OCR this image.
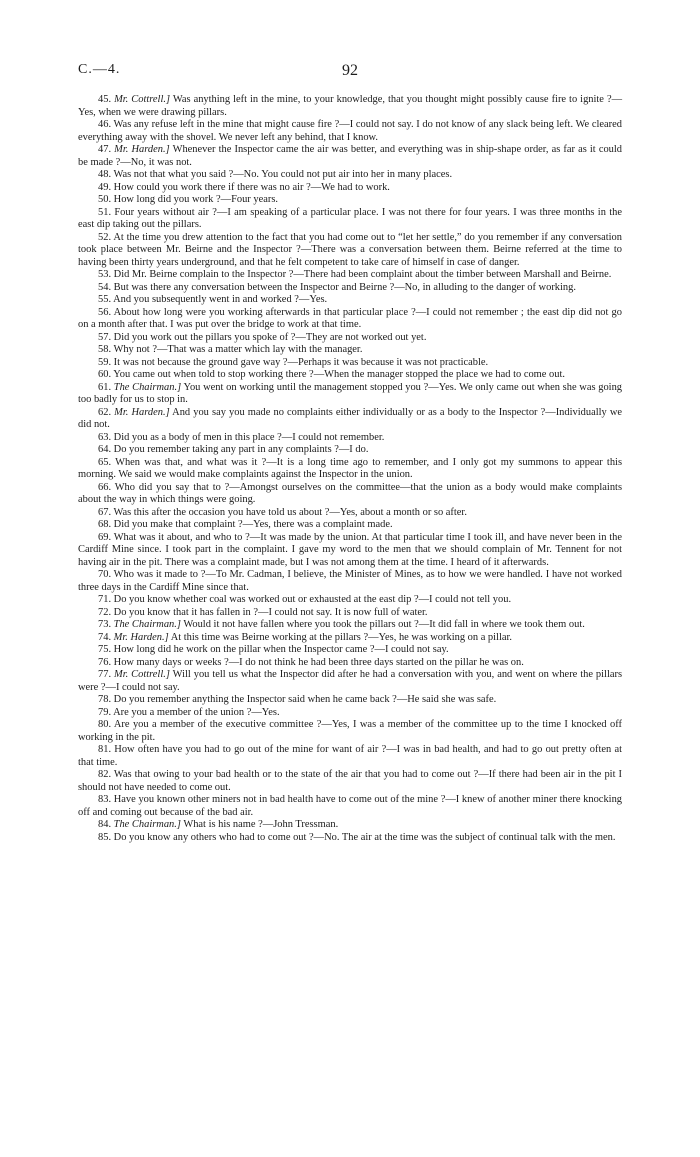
C.—4.	92

45. Mr. Cottrell.] Was anything left in the mine, to your knowledge, that you thought might possibly cause fire to ignite ?—Yes, when we were drawing pillars.

46. Was any refuse left in the mine that might cause fire ?—I could not say. I do not know of any slack being left. We cleared everything away with the shovel. We never left any behind, that I know.

47. Mr. Harden.] Whenever the Inspector came the air was better, and everything was in ship-shape order, as far as it could be made ?—No, it was not.

48. Was not that what you said ?—No. You could not put air into her in many places.

49. How could you work there if there was no air ?—We had to work.

50. How long did you work ?—Four years.

51. Four years without air ?—I am speaking of a particular place. I was not there for four years. I was three months in the east dip taking out the pillars.

52. At the time you drew attention to the fact that you had come out to “let her settle,” do you remember if any conversation took place between Mr. Beirne and the Inspector ?—There was a conversation between them. Beirne referred at the time to having been thirty years underground, and that he felt competent to take care of himself in case of danger.

53. Did Mr. Beirne complain to the Inspector ?—There had been complaint about the timber between Marshall and Beirne.

54. But was there any conversation between the Inspector and Beirne ?—No, in alluding to the danger of working.

55. And you subsequently went in and worked ?—Yes.

56. About how long were you working afterwards in that particular place ?—I could not remember ; the east dip did not go on a month after that. I was put over the bridge to work at that time.

57. Did you work out the pillars you spoke of ?—They are not worked out yet.

58. Why not ?—That was a matter which lay with the manager.

59. It was not because the ground gave way ?—Perhaps it was because it was not practicable.

60. You came out when told to stop working there ?—When the manager stopped the place we had to come out.

61. The Chairman.] You went on working until the management stopped you ?—Yes. We only came out when she was going too badly for us to stop in.

62. Mr. Harden.] And you say you made no complaints either individually or as a body to the Inspector ?—Individually we did not.

63. Did you as a body of men in this place ?—I could not remember.

64. Do you remember taking any part in any complaints ?—I do.

65. When was that, and what was it ?—It is a long time ago to remember, and I only got my summons to appear this morning. We said we would make complaints against the Inspector in the union.

66. Who did you say that to ?—Amongst ourselves on the committee—that the union as a body would make complaints about the way in which things were going.

67. Was this after the occasion you have told us about ?—Yes, about a month or so after.

68. Did you make that complaint ?—Yes, there was a complaint made.

69. What was it about, and who to ?—It was made by the union. At that particular time I took ill, and have never been in the Cardiff Mine since. I took part in the complaint. I gave my word to the men that we should complain of Mr. Tennent for not having air in the pit. There was a complaint made, but I was not among them at the time. I heard of it afterwards.

70. Who was it made to ?—To Mr. Cadman, I believe, the Minister of Mines, as to how we were handled. I have not worked three days in the Cardiff Mine since that.

71. Do you know whether coal was worked out or exhausted at the east dip ?—I could not tell you.

72. Do you know that it has fallen in ?—I could not say. It is now full of water.

73. The Chairman.] Would it not have fallen where you took the pillars out ?—It did fall in where we took them out.

74. Mr. Harden.] At this time was Beirne working at the pillars ?—Yes, he was working on a pillar.

75. How long did he work on the pillar when the Inspector came ?—I could not say.

76. How many days or weeks ?—I do not think he had been three days started on the pillar he was on.

77. Mr. Cottrell.] Will you tell us what the Inspector did after he had a conversation with you, and went on where the pillars were ?—I could not say.

78. Do you remember anything the Inspector said when he came back ?—He said she was safe.

79. Are you a member of the union ?—Yes.

80. Are you a member of the executive committee ?—Yes, I was a member of the committee up to the time I knocked off working in the pit.

81. How often have you had to go out of the mine for want of air ?—I was in bad health, and had to go out pretty often at that time.

82. Was that owing to your bad health or to the state of the air that you had to come out ?—If there had been air in the pit I should not have needed to come out.

83. Have you known other miners not in bad health have to come out of the mine ?—I knew of another miner there knocking off and coming out because of the bad air.

84. The Chairman.] What is his name ?—John Tressman.

85. Do you know any others who had to come out ?—No. The air at the time was the subject of continual talk with the men.
